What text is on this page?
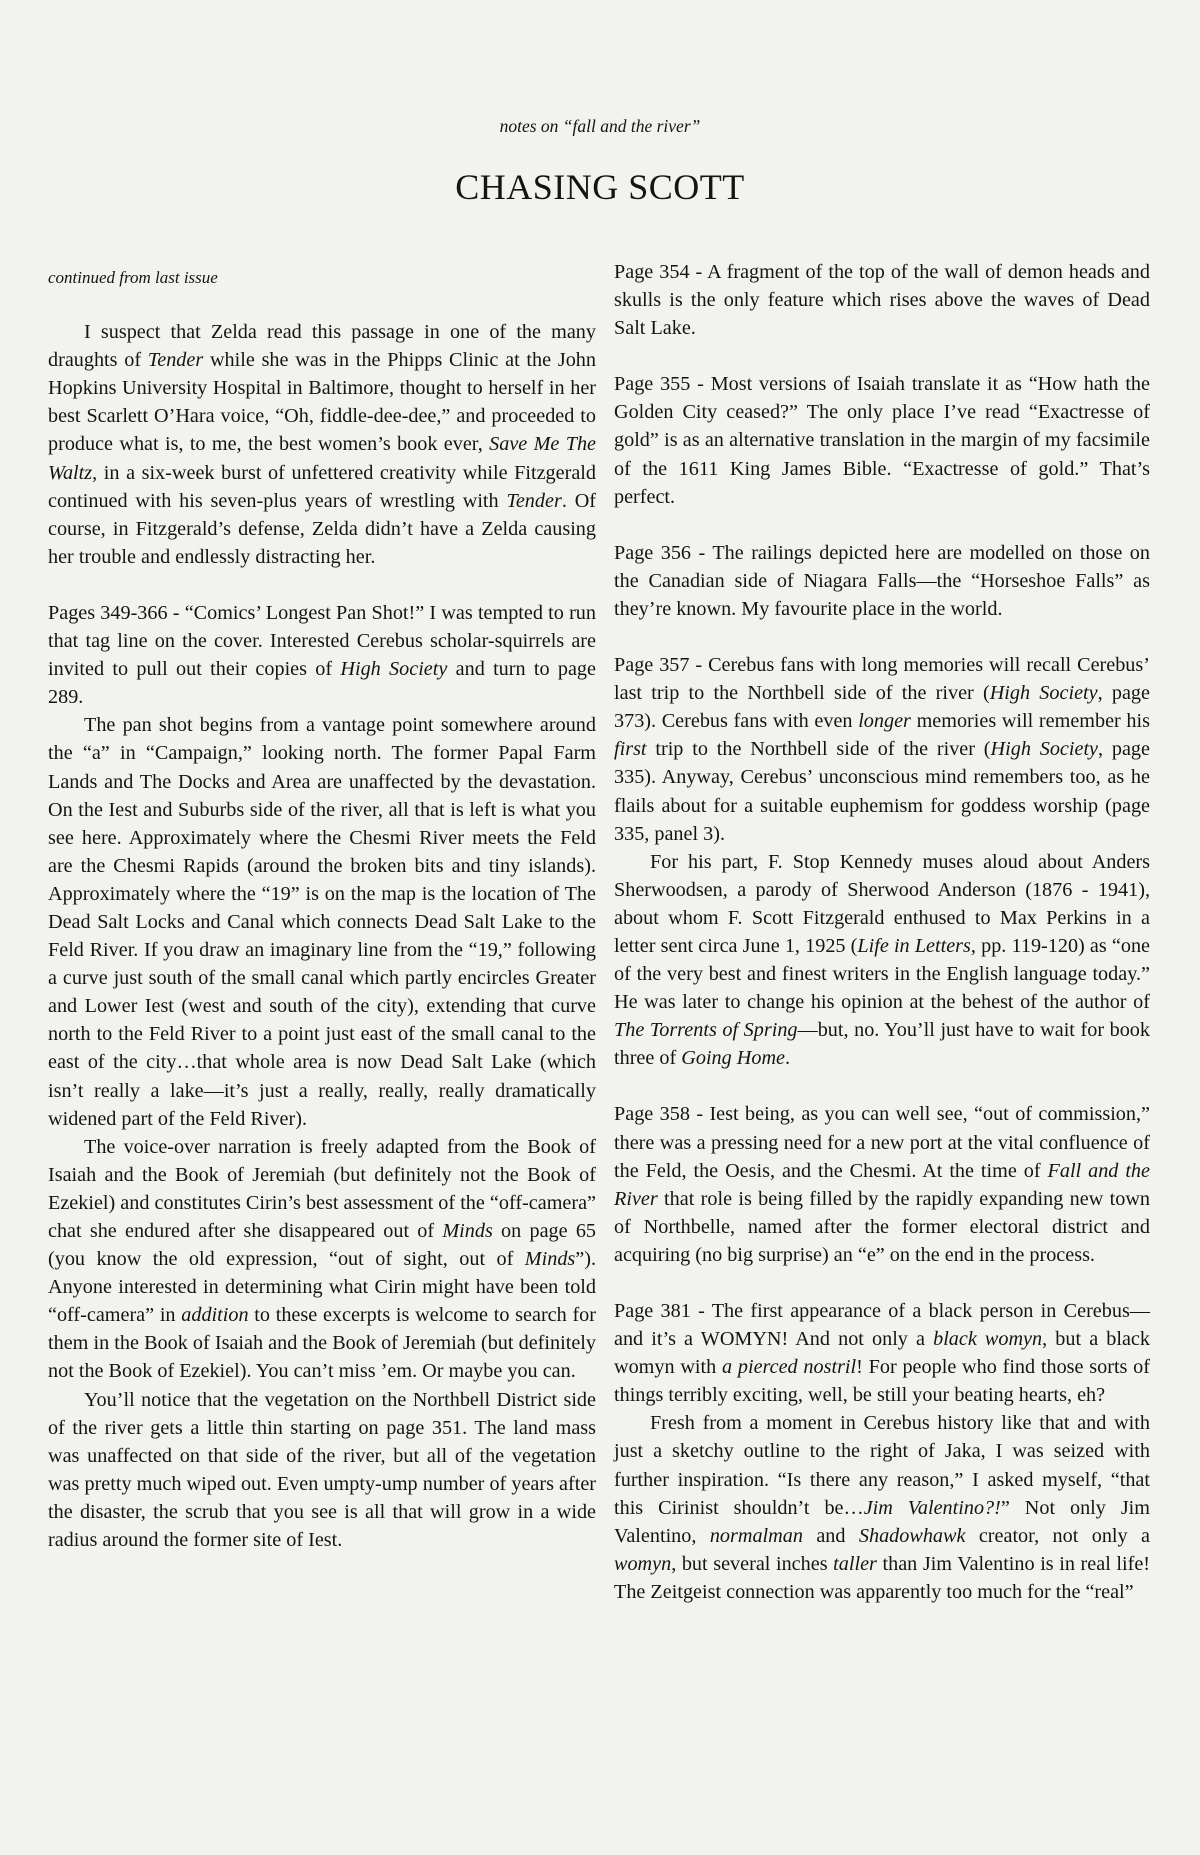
notes on “fall and the river”
CHASING SCOTT
continued from last issue

I suspect that Zelda read this passage in one of the many draughts of Tender while she was in the Phipps Clinic at the John Hopkins University Hospital in Baltimore, thought to herself in her best Scarlett O’Hara voice, “Oh, fiddle-dee-dee,” and proceeded to produce what is, to me, the best women’s book ever, Save Me The Waltz, in a six-week burst of unfettered creativity while Fitzgerald continued with his seven-plus years of wrestling with Tender. Of course, in Fitzgerald’s defense, Zelda didn’t have a Zelda causing her trouble and endlessly distracting her.

Pages 349-366 - “Comics’ Longest Pan Shot!” I was tempted to run that tag line on the cover. Interested Cerebus scholar-squirrels are invited to pull out their copies of High Society and turn to page 289.

The pan shot begins from a vantage point somewhere around the “a” in “Campaign,” looking north. The former Papal Farm Lands and The Docks and Area are unaffected by the devastation. On the Iest and Suburbs side of the river, all that is left is what you see here. Approximately where the Chesmi River meets the Feld are the Chesmi Rapids (around the broken bits and tiny islands). Approximately where the “19” is on the map is the location of The Dead Salt Locks and Canal which connects Dead Salt Lake to the Feld River. If you draw an imaginary line from the “19,” following a curve just south of the small canal which partly encircles Greater and Lower Iest (west and south of the city), extending that curve north to the Feld River to a point just east of the small canal to the east of the city…that whole area is now Dead Salt Lake (which isn’t really a lake—it’s just a really, really, really dramatically widened part of the Feld River).

The voice-over narration is freely adapted from the Book of Isaiah and the Book of Jeremiah (but definitely not the Book of Ezekiel) and constitutes Cirin’s best assessment of the “off-camera” chat she endured after she disappeared out of Minds on page 65 (you know the old expression, “out of sight, out of Minds”). Anyone interested in determining what Cirin might have been told “off-camera” in addition to these excerpts is welcome to search for them in the Book of Isaiah and the Book of Jeremiah (but definitely not the Book of Ezekiel). You can’t miss ’em. Or maybe you can.

You’ll notice that the vegetation on the Northbell District side of the river gets a little thin starting on page 351. The land mass was unaffected on that side of the river, but all of the vegetation was pretty much wiped out. Even umpty-ump number of years after the disaster, the scrub that you see is all that will grow in a wide radius around the former site of Iest.

Page 354 - A fragment of the top of the wall of demon heads and skulls is the only feature which rises above the waves of Dead Salt Lake.

Page 355 - Most versions of Isaiah translate it as “How hath the Golden City ceased?” The only place I’ve read “Exactresse of gold” is as an alternative translation in the margin of my facsimile of the 1611 King James Bible. “Exactresse of gold.” That’s perfect.

Page 356 - The railings depicted here are modelled on those on the Canadian side of Niagara Falls—the “Horseshoe Falls” as they’re known. My favourite place in the world.

Page 357 - Cerebus fans with long memories will recall Cerebus’ last trip to the Northbell side of the river (High Society, page 373). Cerebus fans with even longer memories will remember his first trip to the Northbell side of the river (High Society, page 335). Anyway, Cerebus’ unconscious mind remembers too, as he flails about for a suitable euphemism for goddess worship (page 335, panel 3).

For his part, F. Stop Kennedy muses aloud about Anders Sherwoodsen, a parody of Sherwood Anderson (1876 - 1941), about whom F. Scott Fitzgerald enthused to Max Perkins in a letter sent circa June 1, 1925 (Life in Letters, pp. 119-120) as “one of the very best and finest writers in the English language today.” He was later to change his opinion at the behest of the author of The Torrents of Spring—but, no. You’ll just have to wait for book three of Going Home.

Page 358 - Iest being, as you can well see, “out of commission,” there was a pressing need for a new port at the vital confluence of the Feld, the Oesis, and the Chesmi. At the time of Fall and the River that role is being filled by the rapidly expanding new town of Northbelle, named after the former electoral district and acquiring (no big surprise) an “e” on the end in the process.

Page 381 - The first appearance of a black person in Cerebus—and it’s a WOMYN! And not only a black womyn, but a black womyn with a pierced nostril! For people who find those sorts of things terribly exciting, well, be still your beating hearts, eh?

Fresh from a moment in Cerebus history like that and with just a sketchy outline to the right of Jaka, I was seized with further inspiration. “Is there any reason,” I asked myself, “that this Cirinist shouldn’t be…Jim Valentino?!” Not only Jim Valentino, normalman and Shadowhawk creator, not only a womyn, but several inches taller than Jim Valentino is in real life! The Zeitgeist connection was apparently too much for the “real”
